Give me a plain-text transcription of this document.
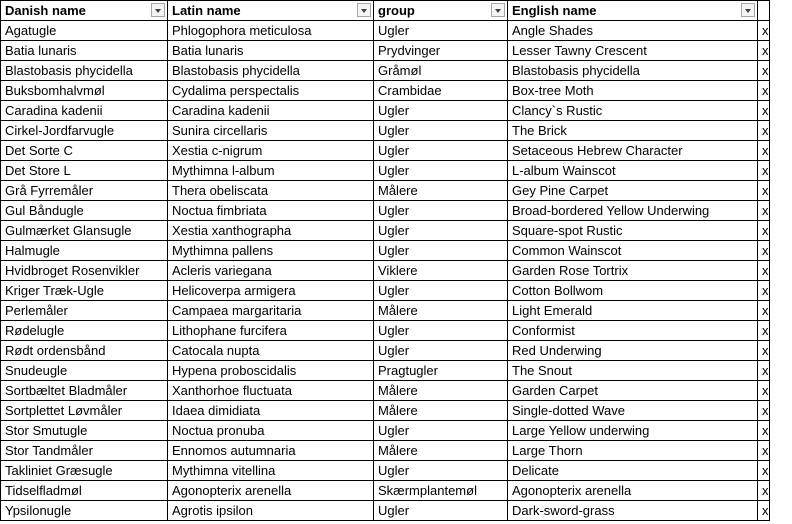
Danish name	Latin name	group	English name

Agatugle	Phlogophora meticulosa	Ugler	Angle Shades	x
Batia lunaris	Batia lunaris	Prydvinger	Lesser Tawny Crescent	x
Blastobasis phycidella	Blastobasis phycidella	Gråmøl	Blastobasis phycidella	x
Buksbomhalvmøl	Cydalima perspectalis	Crambidae	Box-tree Moth	x
Caradina kadenii	Caradina kadenii	Ugler	Clancy`s Rustic	x
Cirkel-Jordfarvugle	Sunira circellaris	Ugler	The Brick	x
Det Sorte C	Xestia c-nigrum	Ugler	Setaceous Hebrew Character	x
Det Store L	Mythimna l-album	Ugler	L-album Wainscot	x
Grå Fyrremåler	Thera obeliscata	Målere	Gey Pine Carpet	x
Gul Båndugle	Noctua fimbriata	Ugler	Broad-bordered Yellow Underwing	x
Gulmærket Glansugle	Xestia xanthographa	Ugler	Square-spot Rustic	x
Halmugle	Mythimna pallens	Ugler	Common Wainscot	x
Hvidbroget Rosenvikler	Acleris variegana	Viklere	Garden Rose Tortrix	x
Kriger Træk-Ugle	Helicoverpa armigera	Ugler	Cotton Bollwom	x
Perlemåler	Campaea margaritaria	Målere	Light Emerald	x
Rødelugle	Lithophane furcifera	Ugler	Conformist	x
Rødt ordensbånd	Catocala nupta	Ugler	Red Underwing	x
Snudeugle	Hypena proboscidalis	Pragtugler	The Snout	x
Sortbæltet Bladmåler	Xanthorhoe fluctuata	Målere	Garden Carpet	x
Sortplettet Løvmåler	Idaea dimidiata	Målere	Single-dotted Wave	x
Stor Smutugle	Noctua pronuba	Ugler	Large Yellow underwing	x
Stor Tandmåler	Ennomos autumnaria	Målere	Large Thorn	x
Takliniet Græsugle	Mythimna vitellina	Ugler	Delicate	x
Tidselfladmøl	Agonopterix arenella	Skærmplantemøl	Agonopterix arenella	x
Ypsilonugle	Agrotis ipsilon	Ugler	Dark-sword-grass	x
